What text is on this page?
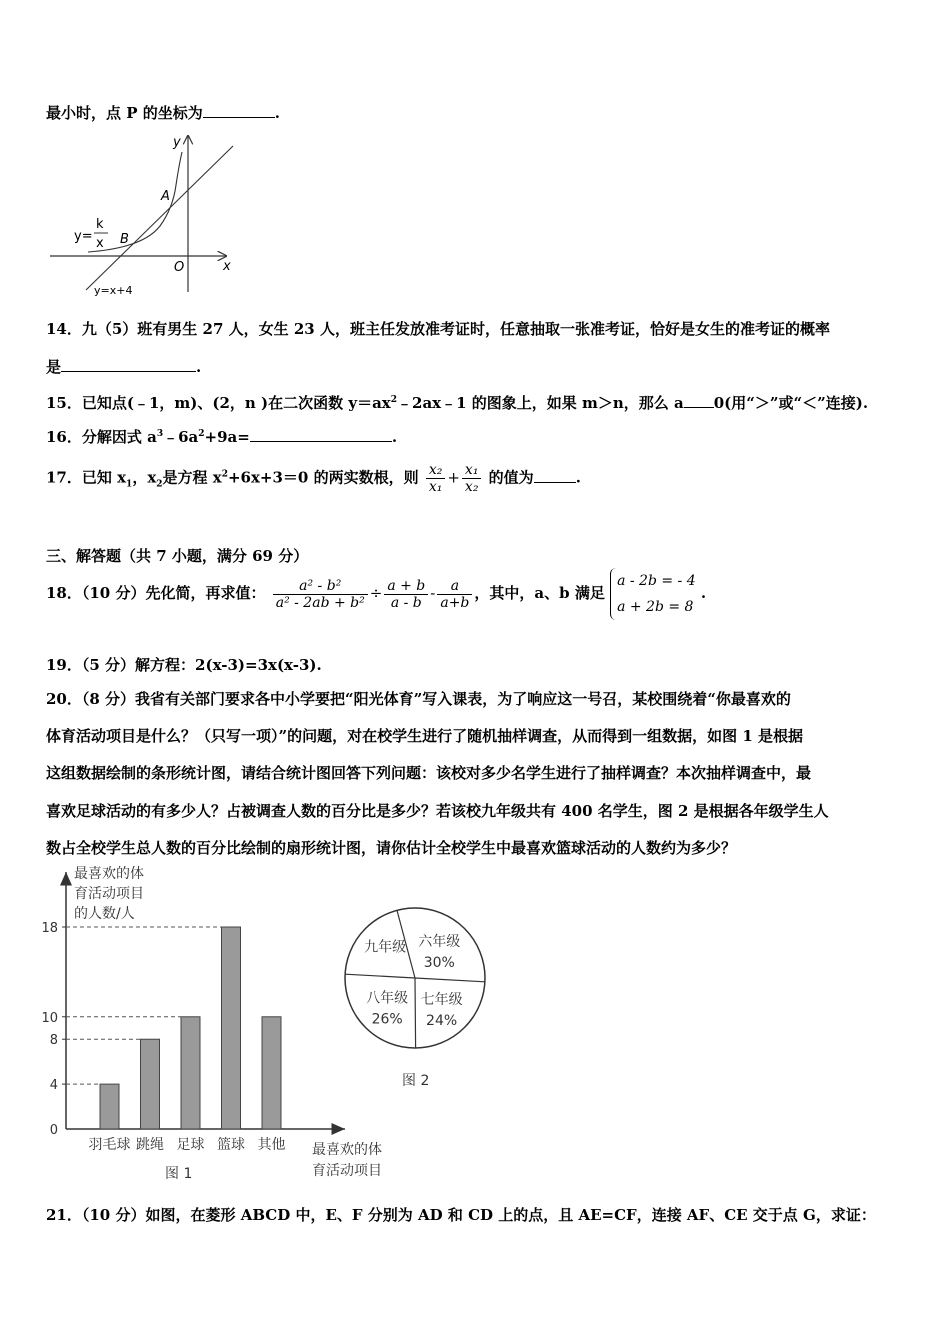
最小时，点 P 的坐标为	.
y
x
O
A
B
y=
k
x
y=x+4
14．九（5）班有男生 27 人，女生 23 人，班主任发放准考证时，任意抽取一张准考证，恰好是女生的准考证的概率
是	.
15．已知点(﹣1，m)、(2，n )在二次函数 $y=ax^2﹣2ax﹣1$ 的图象上，如果 m＞n，那么 a 0(用“＞”或“＜”连接).
16．分解因式 $a^3﹣6a^2+9a=$	.
17．已知 $x_1$，$x_2$是方程 $x^2+6x+3=0$ 的两实数根，则 $\frac{\text{x₂}}{\text{x₁}} + \frac{\text{x₁}}{\text{x₂}}$ 的值为	.
三、解答题（共 7 小题，满分 69 分）
18．（10 分）先化简，再求值： $\frac{\text{a² - b²}}{\text{a² - 2ab + b²}} \div \frac{a + b}{a - b} - \frac{a}{a+b}$ ，其中，a、b 满足
a - 2b = - 4
a + 2b = 8
.
19．（5 分）解方程：2(x-3)=3x(x-3).
20．（8 分）我省有关部门要求各中小学要把“阳光体育”写入课表，为了响应这一号召，某校围绕着“你最喜欢的
体育活动项目是什么？（只写一项）”的问题，对在校学生进行了随机抽样调查，从而得到一组数据，如图 1 是根据
这组数据绘制的条形统计图，请结合统计图回答下列问题：该校对多少名学生进行了抽样调查？本次抽样调查中，最
喜欢足球活动的有多少人？占被调查人数的百分比是多少？若该校九年级共有 400 名学生，图 2 是根据各年级学生人
数占全校学生总人数的百分比绘制的扇形统计图，请你估计全校学生中最喜欢篮球活动的人数约为多少？
最喜欢的体
育活动项目
的人数/人
0
4
8
10
18
羽毛球 跳绳 足球 篮球 其他 最喜欢的体
育活动项目
图 1
六年级
30%
七年级
24%
八年级
26%
九年级
图 2
21．（10 分）如图，在菱形 ABCD 中，E、F 分别为 AD 和 CD 上的点，且 AE=CF，连接 AF、CE 交于点 G，求证：
